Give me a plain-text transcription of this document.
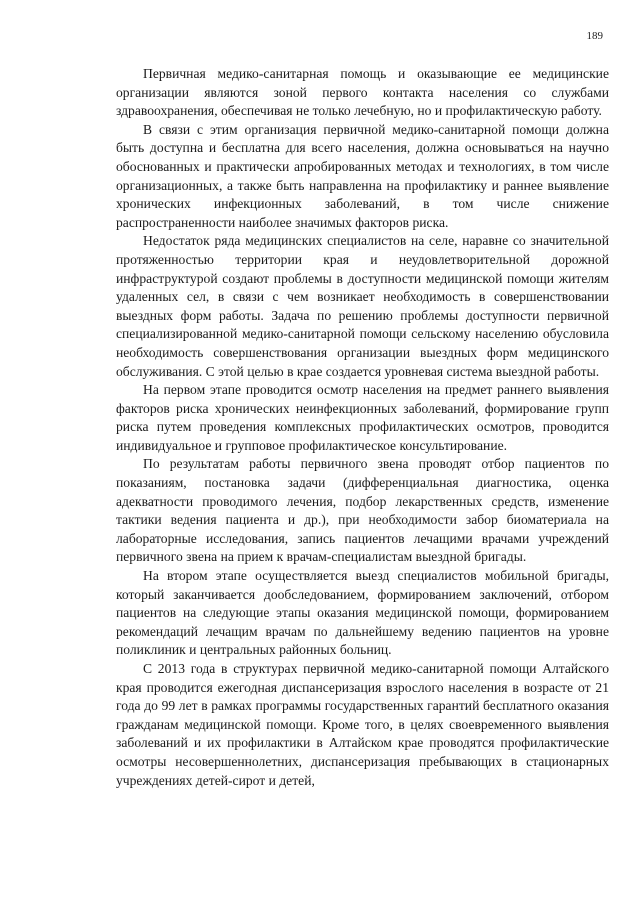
189

Первичная медико-санитарная помощь и оказывающие ее медицинские организации являются зоной первого контакта населения со службами здравоохранения, обеспечивая не только лечебную, но и профилактическую работу.

В связи с этим организация первичной медико-санитарной помощи должна быть доступна и бесплатна для всего населения, должна основываться на научно обоснованных и практически апробированных методах и технологиях, в том числе организационных, а также быть направленна на профилактику и раннее выявление хронических инфекционных заболеваний, в том числе снижение распространенности наиболее значимых факторов риска.

Недостаток ряда медицинских специалистов на селе, наравне со значительной протяженностью территории края и неудовлетворительной дорожной инфраструктурой создают проблемы в доступности медицинской помощи жителям удаленных сел, в связи с чем возникает необходимость в совершенствовании выездных форм работы. Задача по решению проблемы доступности первичной специализированной медико-санитарной помощи сельскому населению обусловила необходимость совершенствования организации выездных форм медицинского обслуживания. С этой целью в крае создается уровневая система выездной работы.

На первом этапе проводится осмотр населения на предмет раннего выявления факторов риска хронических неинфекционных заболеваний, формирование групп риска путем проведения комплексных профилактических осмотров, проводится индивидуальное и групповое профилактическое консультирование.

По результатам работы первичного звена проводят отбор пациентов по показаниям, постановка задачи (дифференциальная диагностика, оценка адекватности проводимого лечения, подбор лекарственных средств, изменение тактики ведения пациента и др.), при необходимости забор биоматериала на лабораторные исследования, запись пациентов лечащими врачами учреждений первичного звена на прием к врачам-специалистам выездной бригады.

На втором этапе осуществляется выезд специалистов мобильной бригады, который заканчивается дообследованием, формированием заключений, отбором пациентов на следующие этапы оказания медицинской помощи, формированием рекомендаций лечащим врачам по дальнейшему ведению пациентов на уровне поликлиник и центральных районных больниц.

С 2013 года в структурах первичной медико-санитарной помощи Алтайского края проводится ежегодная диспансеризация взрослого населения в возрасте от 21 года до 99 лет в рамках программы государственных гарантий бесплатного оказания гражданам медицинской помощи. Кроме того, в целях своевременного выявления заболеваний и их профилактики в Алтайском крае проводятся профилактические осмотры несовершеннолетних, диспансеризация пребывающих в стационарных учреждениях детей-сирот и детей,
